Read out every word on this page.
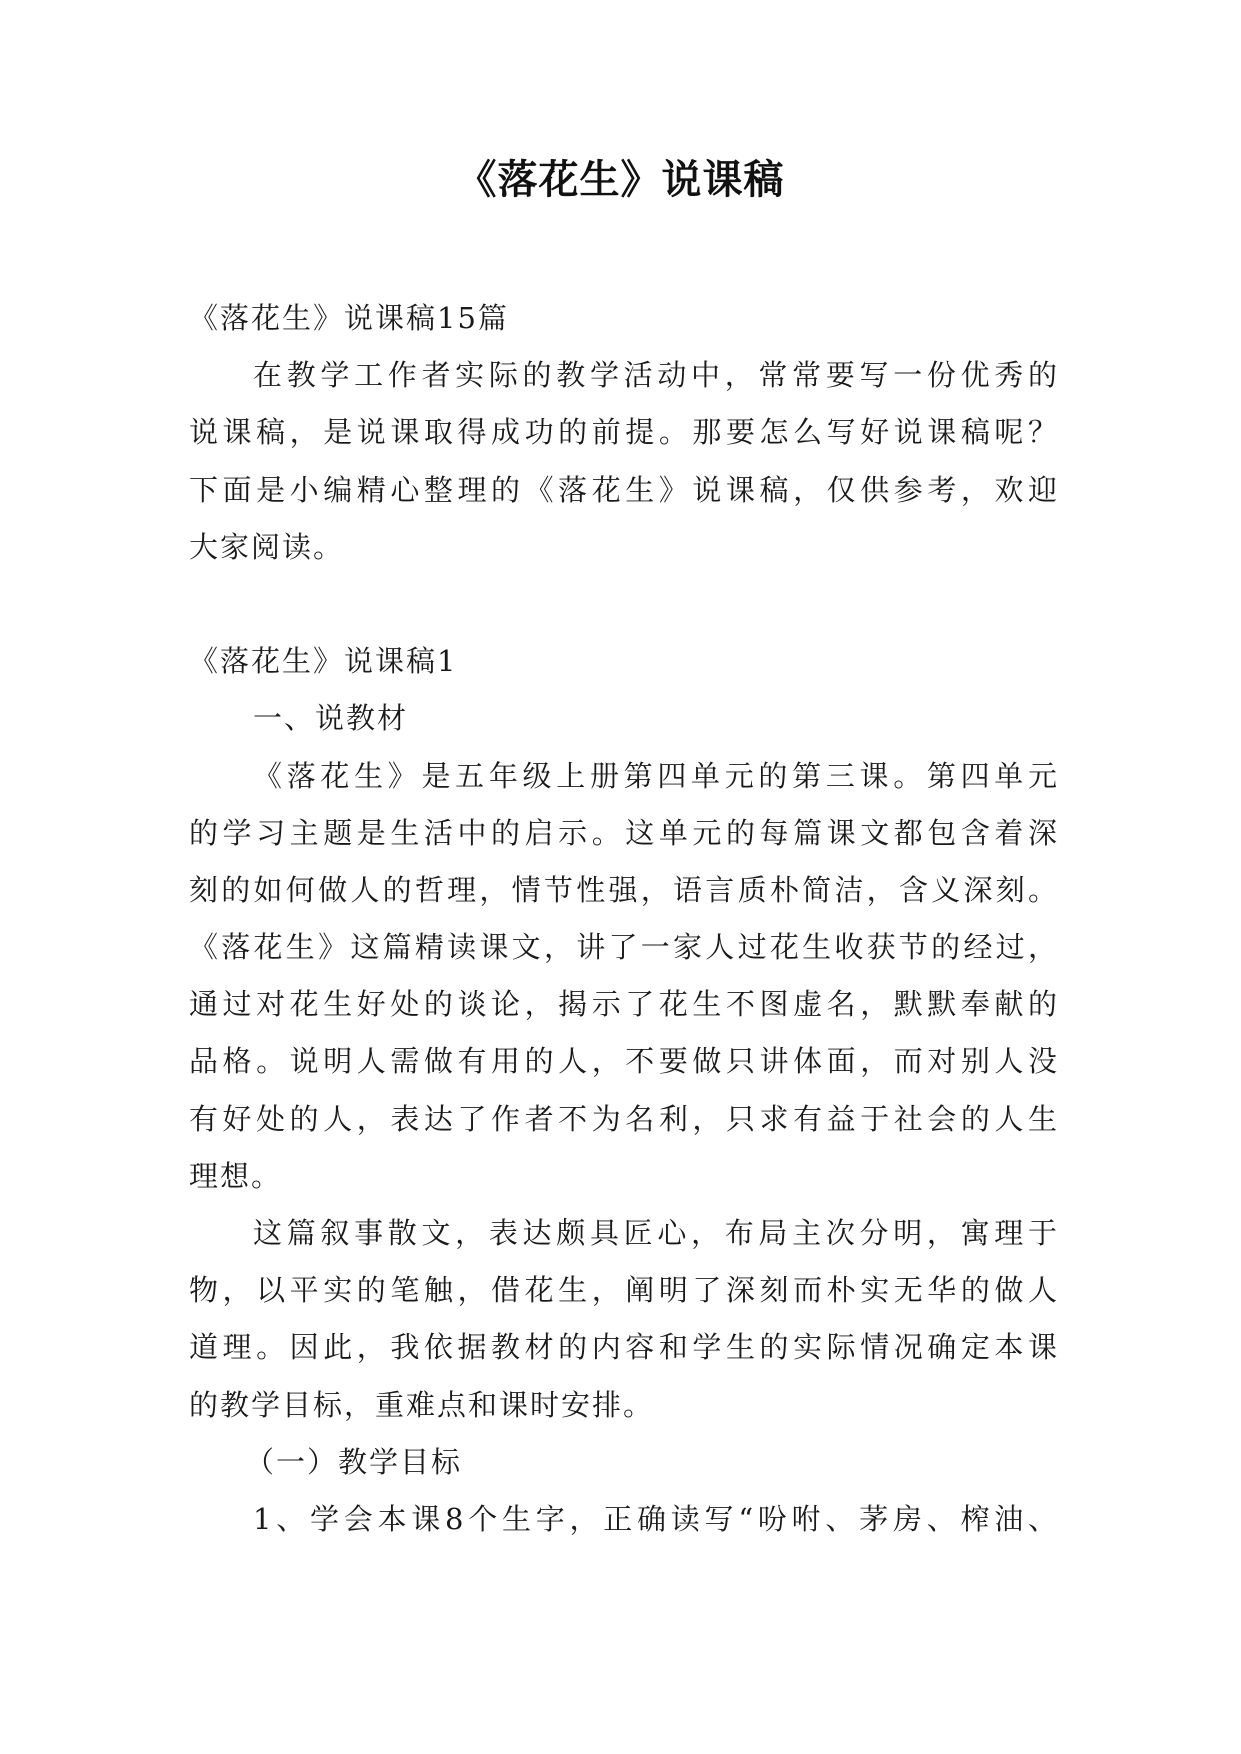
《落花生》说课稿
《落花生》说课稿15篇
在教学工作者实际的教学活动中，常常要写一份优秀的
说课稿，是说课取得成功的前提。那要怎么写好说课稿呢？
下面是小编精心整理的《落花生》说课稿，仅供参考，欢迎
大家阅读。
《落花生》说课稿1
一、说教材
《落花生》是五年级上册第四单元的第三课。第四单元
的学习主题是生活中的启示。这单元的每篇课文都包含着深
刻的如何做人的哲理，情节性强，语言质朴简洁，含义深刻。
《落花生》这篇精读课文，讲了一家人过花生收获节的经过，
通过对花生好处的谈论，揭示了花生不图虚名，默默奉献的
品格。说明人需做有用的人，不要做只讲体面，而对别人没
有好处的人，表达了作者不为名利，只求有益于社会的人生
理想。
这篇叙事散文，表达颇具匠心，布局主次分明，寓理于
物，以平实的笔触，借花生，阐明了深刻而朴实无华的做人
道理。因此，我依据教材的内容和学生的实际情况确定本课
的教学目标，重难点和课时安排。
（一）教学目标
1、学会本课8个生字，正确读写“吩咐、茅房、榨油、
